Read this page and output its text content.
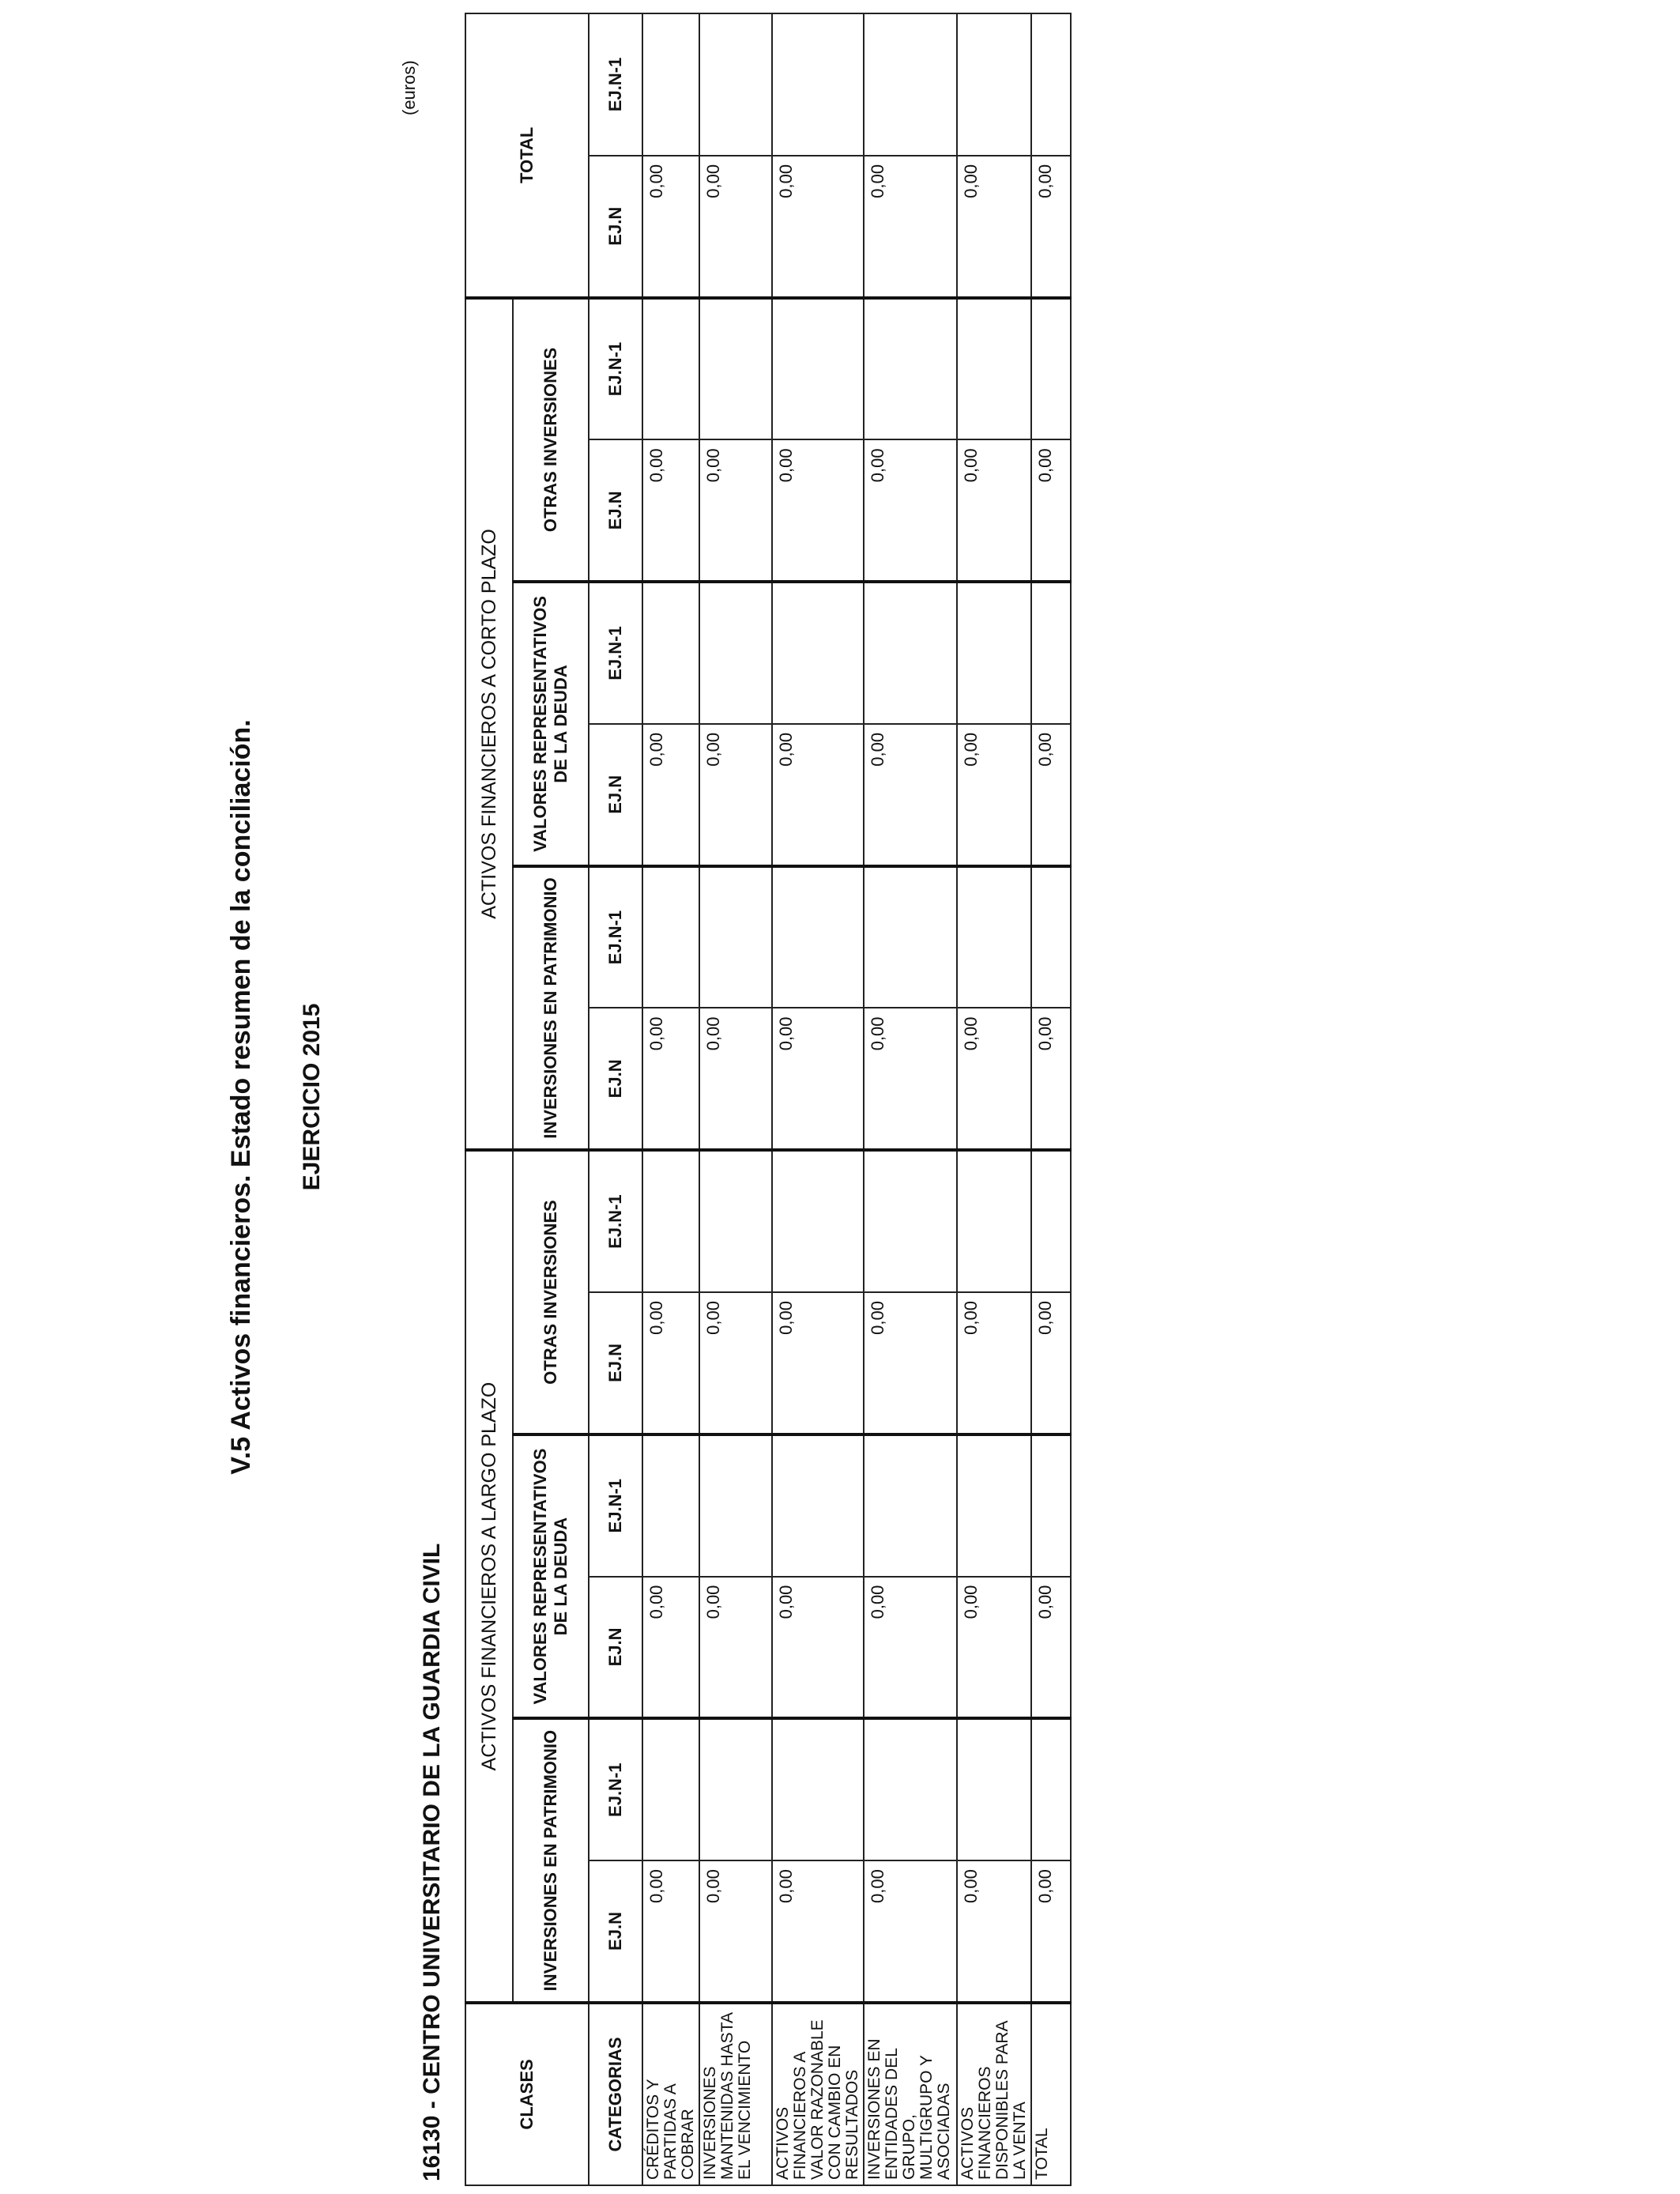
V.5 Activos financieros. Estado resumen de la conciliación. EJERCICIO 2015
16130 - CENTRO UNIVERSITARIO DE LA GUARDIA CIVIL
(euros)
CLASES	ACTIVOS FINANCIEROS A LARGO PLAZO						ACTIVOS FINANCIEROS A CORTO PLAZO						TOTAL	
	INVERSIONES EN PATRIMONIO		VALORES REPRESENTATIVOS DE LA DEUDA		OTRAS INVERSIONES		INVERSIONES EN PATRIMONIO		VALORES REPRESENTATIVOS DE LA DEUDA		OTRAS INVERSIONES			
CATEGORIAS	EJ.N	EJ.N-1	EJ.N	EJ.N-1	EJ.N	EJ.N-1	EJ.N	EJ.N-1	EJ.N	EJ.N-1	EJ.N	EJ.N-1	EJ.N	EJ.N-1
CRÉDITOS Y PARTIDAS A COBRAR	0,00		0,00		0,00		0,00		0,00		0,00		0,00	
INVERSIONES MANTENIDAS HASTA EL VENCIMIENTO	0,00		0,00		0,00		0,00		0,00		0,00		0,00	
ACTIVOS FINANCIEROS A VALOR RAZONABLE CON CAMBIO EN RESULTADOS	0,00		0,00		0,00		0,00		0,00		0,00		0,00	
INVERSIONES EN ENTIDADES DEL GRUPO, MULTIGRUPO Y ASOCIADAS	0,00		0,00		0,00		0,00		0,00		0,00		0,00	
ACTIVOS FINANCIEROS DISPONIBLES PARA LA VENTA	0,00		0,00		0,00		0,00		0,00		0,00		0,00	
TOTAL	0,00		0,00		0,00		0,00		0,00		0,00		0,00	
